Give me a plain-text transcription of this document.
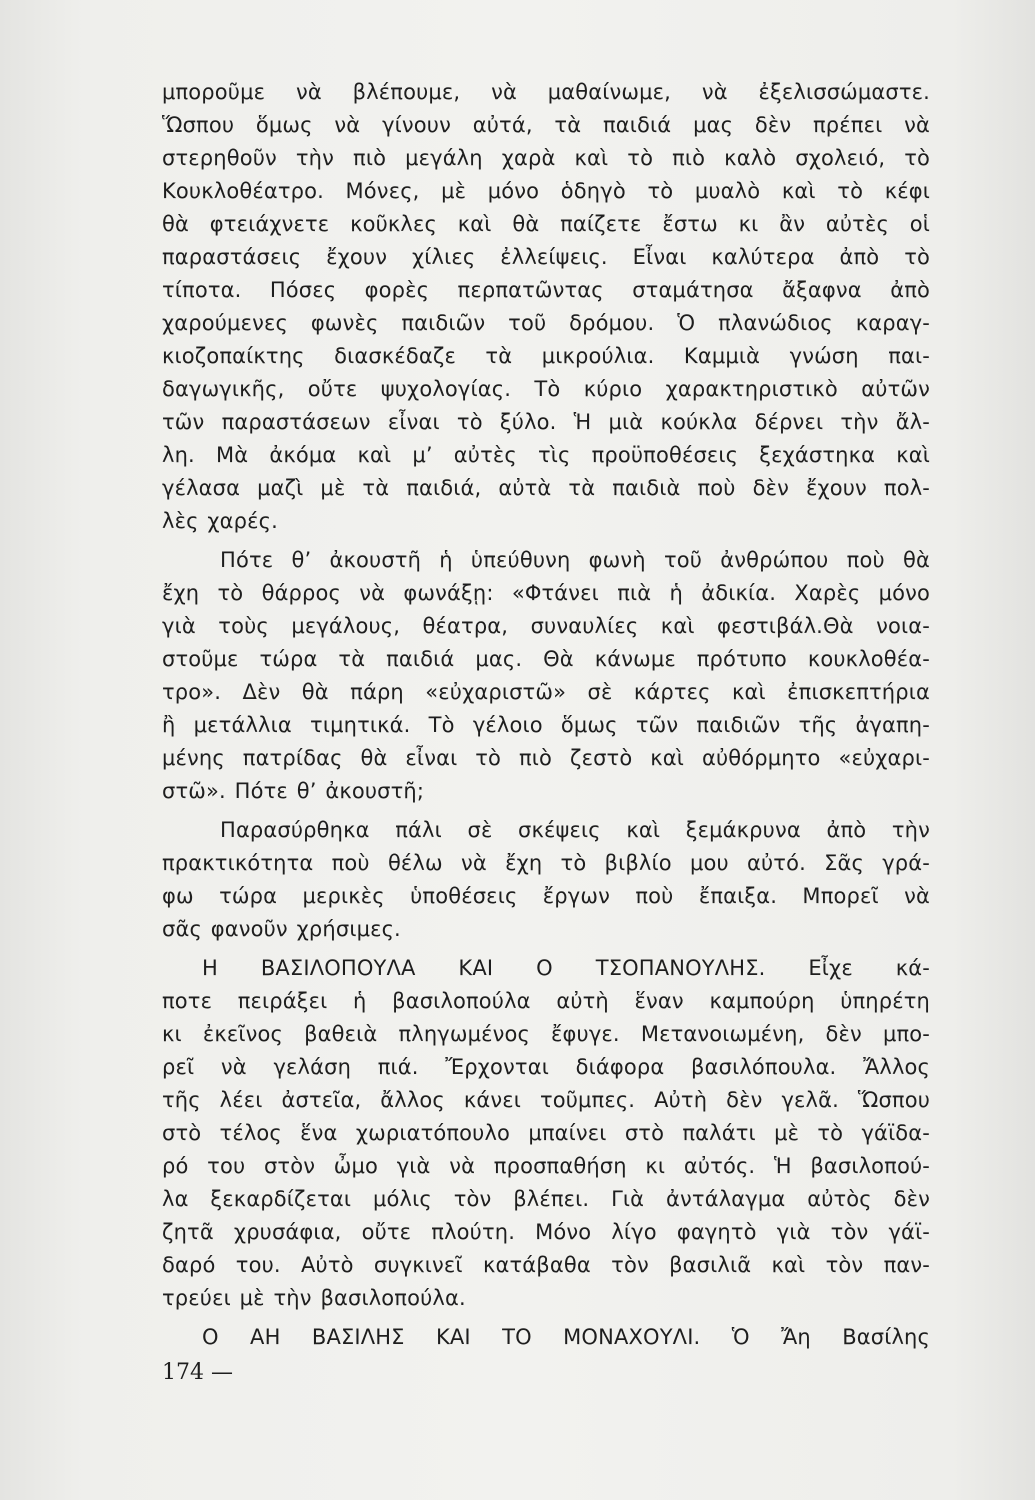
μποροῦμε νὰ βλέπουμε, νὰ μαθαίνωμε, νὰ ἐξελισσώμαστε.
Ὥσπου ὅμως νὰ γίνουν αὐτά, τὰ παιδιά μας δὲν πρέπει νὰ
στερηθοῦν τὴν πιὸ μεγάλη χαρὰ καὶ τὸ πιὸ καλὸ σχολειό, τὸ
Κουκλοθέατρο. Μόνες, μὲ μόνο ὁδηγὸ τὸ μυαλὸ καὶ τὸ κέφι
θὰ φτειάχνετε κοῦκλες καὶ θὰ παίζετε ἔστω κι ἂν αὐτὲς οἱ
παραστάσεις ἔχουν χίλιες ἐλλείψεις. Εἶναι καλύτερα ἀπὸ τὸ
τίποτα. Πόσες φορὲς περπατῶντας σταμάτησα ἄξαφνα ἀπὸ
χαρούμενες φωνὲς παιδιῶν τοῦ δρόμου. Ὁ πλανώδιος καραγ-
κιοζοπαίκτης διασκέδαζε τὰ μικρούλια. Καμμιὰ γνώση παι-
δαγωγικῆς, οὔτε ψυχολογίας. Τὸ κύριο χαρακτηριστικὸ αὐτῶν
τῶν παραστάσεων εἶναι τὸ ξύλο. Ἡ μιὰ κούκλα δέρνει τὴν ἄλ-
λη. Μὰ ἀκόμα καὶ μ’ αὐτὲς τὶς προϋποθέσεις ξεχάστηκα καὶ
γέλασα μαζὶ μὲ τὰ παιδιά, αὐτὰ τὰ παιδιὰ ποὺ δὲν ἔχουν πολ-
λὲς χαρές.
Πότε θ’ ἀκουστῆ ἡ ὑπεύθυνη φωνὴ τοῦ ἀνθρώπου ποὺ θὰ
ἔχη τὸ θάρρος νὰ φωνάξῃ: «Φτάνει πιὰ ἡ ἀδικία. Χαρὲς μόνο
γιὰ τοὺς μεγάλους, θέατρα, συναυλίες καὶ φεστιβάλ.Θὰ νοια-
στοῦμε τώρα τὰ παιδιά μας. Θὰ κάνωμε πρότυπο κουκλοθέα-
τρο». Δὲν θὰ πάρη «εὐχαριστῶ» σὲ κάρτες καὶ ἐπισκεπτήρια
ἢ μετάλλια τιμητικά. Τὸ γέλοιο ὅμως τῶν παιδιῶν τῆς ἀγαπη-
μένης πατρίδας θὰ εἶναι τὸ πιὸ ζεστὸ καὶ αὐθόρμητο «εὐχαρι-
στῶ». Πότε θ’ ἀκουστῆ;
Παρασύρθηκα πάλι σὲ σκέψεις καὶ ξεμάκρυνα ἀπὸ τὴν
πρακτικότητα ποὺ θέλω νὰ ἔχη τὸ βιβλίο μου αὐτό. Σᾶς γρά-
φω τώρα μερικὲς ὑποθέσεις ἔργων ποὺ ἔπαιξα. Μπορεῖ νὰ
σᾶς φανοῦν χρήσιμες.
Η ΒΑΣΙΛΟΠΟΥΛΑ ΚΑΙ Ο ΤΣΟΠΑΝΟΥΛΗΣ. Εἶχε κά-
ποτε πειράξει ἡ βασιλοπούλα αὐτὴ ἕναν καμπούρη ὑπηρέτη
κι ἐκεῖνος βαθειὰ πληγωμένος ἔφυγε. Μετανοιωμένη, δὲν μπο-
ρεῖ νὰ γελάση πιά. Ἔρχονται διάφορα βασιλόπουλα. Ἄλλος
τῆς λέει ἀστεῖα, ἄλλος κάνει τοῦμπες. Αὐτὴ δὲν γελᾶ. Ὥσπου
στὸ τέλος ἕνα χωριατόπουλο μπαίνει στὸ παλάτι μὲ τὸ γάϊδα-
ρό του στὸν ὦμο γιὰ νὰ προσπαθήση κι αὐτός. Ἡ βασιλοπού-
λα ξεκαρδίζεται μόλις τὸν βλέπει. Γιὰ ἀντάλαγμα αὐτὸς δὲν
ζητᾶ χρυσάφια, οὔτε πλούτη. Μόνο λίγο φαγητὸ γιὰ τὸν γάϊ-
δαρό του. Αὐτὸ συγκινεῖ κατάβαθα τὸν βασιλιᾶ καὶ τὸν παν-
τρεύει μὲ τὴν βασιλοπούλα.
Ο ΑΗ ΒΑΣΙΛΗΣ ΚΑΙ ΤΟ ΜΟΝΑΧΟΥΛΙ. Ὁ Ἄη Βασίλης
174 —
